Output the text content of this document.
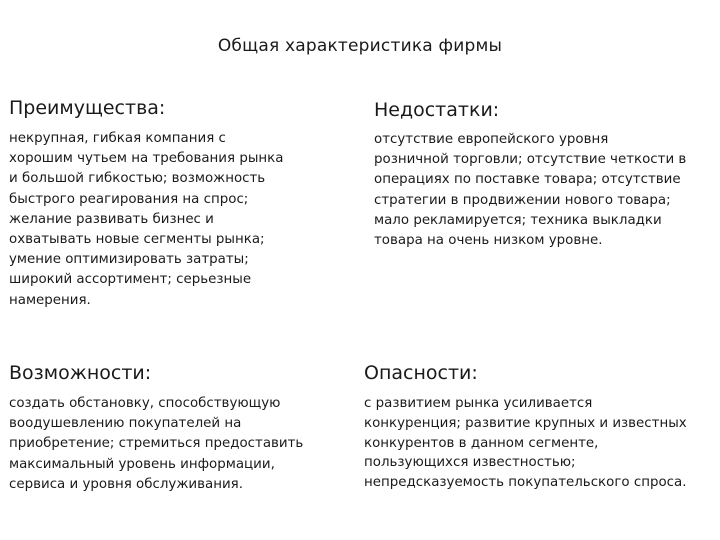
Общая характеристика фирмы
Преимущества:

некрупная, гибкая компания с
хорошим чутьем на требования рынка
и большой гибкостью; возможность
быстрого реагирования на спрос;
желание развивать бизнес и
охватывать новые сегменты рынка;
умение оптимизировать затраты;
широкий ассортимент; серьезные
намерения.

Недостатки:

отсутствие европейского уровня
розничной торговли; отсутствие четкости в
операциях по поставке товара; отсутствие
стратегии в продвижении нового товара;
мало рекламируется; техника выкладки
товара на очень низком уровне.

Возможности:

создать обстановку, способствующую
воодушевлению покупателей на
приобретение; стремиться предоставить
максимальный уровень информации,
сервиса и уровня обслуживания.

Опасности:

с развитием рынка усиливается
конкуренция; развитие крупных и известных
конкурентов в данном сегменте,
пользующихся известностью;
непредсказуемость покупательского спроса.
